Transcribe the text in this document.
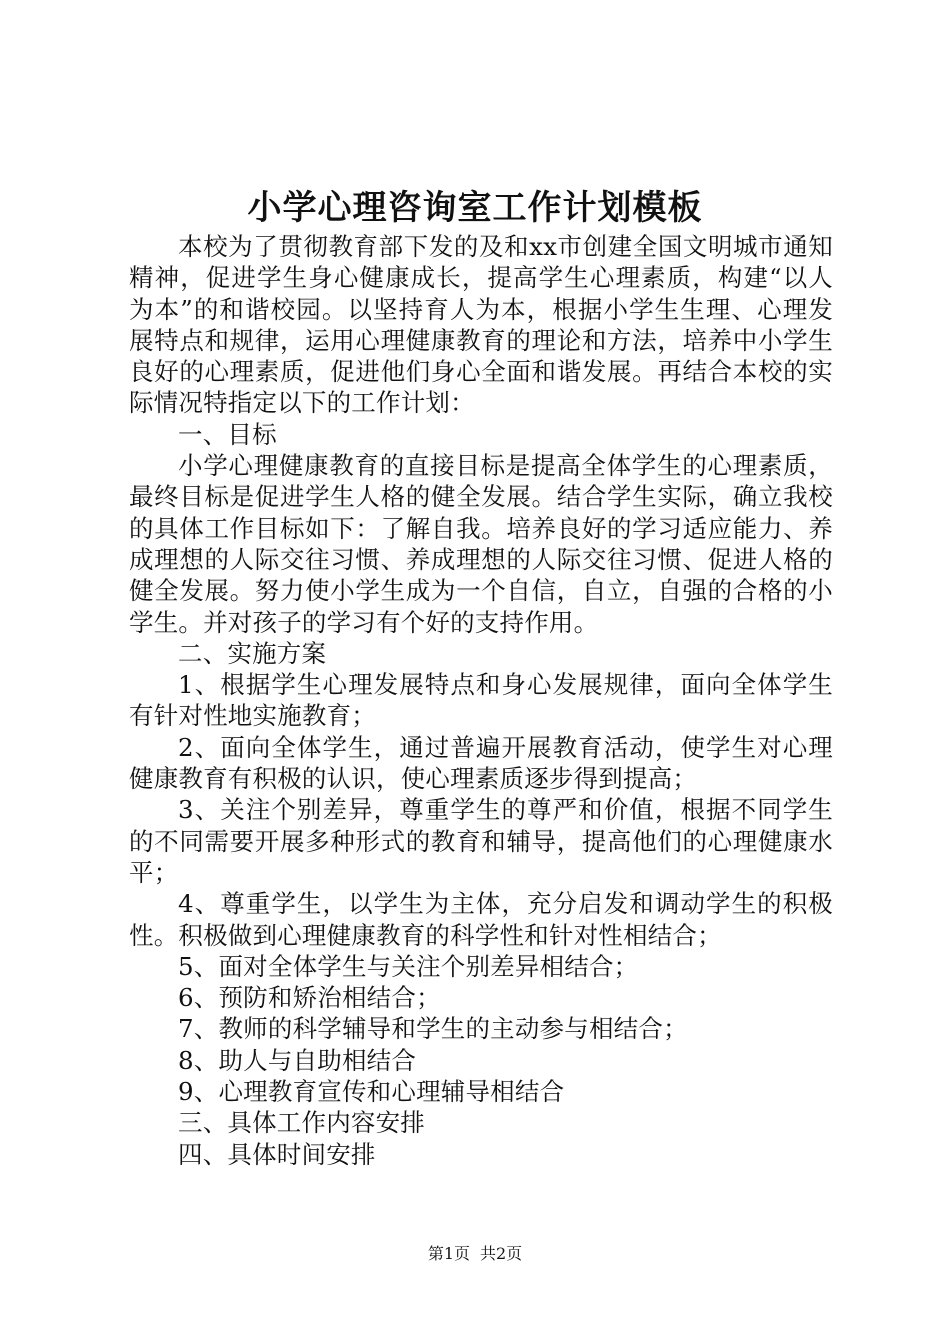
小学心理咨询室工作计划模板

本校为了贯彻教育部下发的及和xx市创建全国文明城市通知精神，促进学生身心健康成长，提高学生心理素质，构建“以人为本”的和谐校园。以坚持育人为本，根据小学生生理、心理发展特点和规律，运用心理健康教育的理论和方法，培养中小学生良好的心理素质，促进他们身心全面和谐发展。再结合本校的实际情况特指定以下的工作计划：

一、目标

小学心理健康教育的直接目标是提高全体学生的心理素质，最终目标是促进学生人格的健全发展。结合学生实际，确立我校的具体工作目标如下：了解自我。培养良好的学习适应能力、养成理想的人际交往习惯、养成理想的人际交往习惯、促进人格的健全发展。努力使小学生成为一个自信，自立，自强的合格的小学生。并对孩子的学习有个好的支持作用。

二、实施方案

1、根据学生心理发展特点和身心发展规律，面向全体学生有针对性地实施教育；

2、面向全体学生，通过普遍开展教育活动，使学生对心理健康教育有积极的认识，使心理素质逐步得到提高；

3、关注个别差异，尊重学生的尊严和价值，根据不同学生的不同需要开展多种形式的教育和辅导，提高他们的心理健康水平；

4、尊重学生，以学生为主体，充分启发和调动学生的积极性。积极做到心理健康教育的科学性和针对性相结合；

5、面对全体学生与关注个别差异相结合；

6、预防和矫治相结合；

7、教师的科学辅导和学生的主动参与相结合；

8、助人与自助相结合

9、心理教育宣传和心理辅导相结合

三、具体工作内容安排

四、具体时间安排

第1页 共2页
